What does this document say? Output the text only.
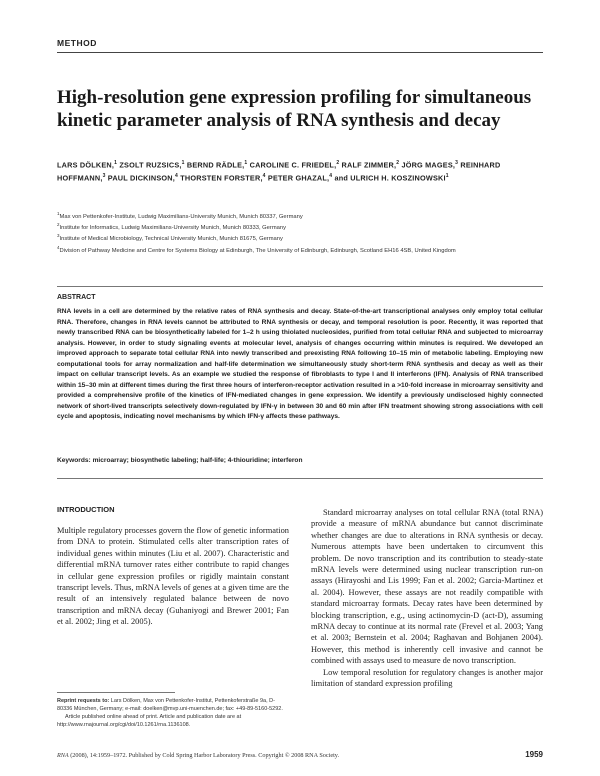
METHOD
High-resolution gene expression profiling for simultaneous kinetic parameter analysis of RNA synthesis and decay
LARS DÖLKEN,$^1$ ZSOLT RUZSICS,$^1$ BERND RÄDLE,$^1$ CAROLINE C. FRIEDEL,$^2$ RALF ZIMMER,$^2$ JÖRG MAGES,$^3$ REINHARD HOFFMANN,$^3$ PAUL DICKINSON,$^4$ THORSTEN FORSTER,$^4$ PETER GHAZAL,$^4$ and ULRICH H. KOSZINOWSKI$^1$
$^1$Max von Pettenkofer-Institute, Ludwig Maximilians-University Munich, Munich 80337, Germany
$^2$Institute for Informatics, Ludwig Maximilians-University Munich, Munich 80333, Germany
$^3$Institute of Medical Microbiology, Technical University Munich, Munich 81675, Germany
$^4$Division of Pathway Medicine and Centre for Systems Biology at Edinburgh, The University of Edinburgh, Edinburgh, Scotland EH16 4SB, United Kingdom
ABSTRACT
RNA levels in a cell are determined by the relative rates of RNA synthesis and decay. State-of-the-art transcriptional analyses only employ total cellular RNA. Therefore, changes in RNA levels cannot be attributed to RNA synthesis or decay, and temporal resolution is poor. Recently, it was reported that newly transcribed RNA can be biosynthetically labeled for 1–2 h using thiolated nucleosides, purified from total cellular RNA and subjected to microarray analysis. However, in order to study signaling events at molecular level, analysis of changes occurring within minutes is required. We developed an improved approach to separate total cellular RNA into newly transcribed and preexisting RNA following 10–15 min of metabolic labeling. Employing new computational tools for array normalization and half-life determination we simultaneously study short-term RNA synthesis and decay as well as their impact on cellular transcript levels. As an example we studied the response of fibroblasts to type I and II interferons (IFN). Analysis of RNA transcribed within 15–30 min at different times during the first three hours of interferon-receptor activation resulted in a >10-fold increase in microarray sensitivity and provided a comprehensive profile of the kinetics of IFN-mediated changes in gene expression. We identify a previously undisclosed highly connected network of short-lived transcripts selectively down-regulated by IFN-γ in between 30 and 60 min after IFN treatment showing strong associations with cell cycle and apoptosis, indicating novel mechanisms by which IFN-γ affects these pathways.
Keywords: microarray; biosynthetic labeling; half-life; 4-thiouridine; interferon
INTRODUCTION

Multiple regulatory processes govern the flow of genetic information from DNA to protein. Stimulated cells alter transcription rates of individual genes within minutes (Liu et al. 2007). Characteristic and differential mRNA turnover rates either contribute to rapid changes in cellular gene expression profiles or rigidly maintain constant transcript levels. Thus, mRNA levels of genes at a given time are the result of an intensively regulated balance between de novo transcription and mRNA decay (Guhaniyogi and Brewer 2001; Fan et al. 2002; Jing et al. 2005).

Standard microarray analyses on total cellular RNA (total RNA) provide a measure of mRNA abundance but cannot discriminate whether changes are due to alterations in RNA synthesis or decay. Numerous attempts have been undertaken to circumvent this problem. De novo transcription and its contribution to steady-state mRNA levels were determined using nuclear transcription run-on assays (Hirayoshi and Lis 1999; Fan et al. 2002; Garcia-Martinez et al. 2004). However, these assays are not readily compatible with standard microarray formats. Decay rates have been determined by blocking transcription, e.g., using actinomycin-D (act-D), assuming mRNA decay to continue at its normal rate (Frevel et al. 2003; Yang et al. 2003; Bernstein et al. 2004; Raghavan and Bohjanen 2004). However, this method is inherently cell invasive and cannot be combined with assays used to measure de novo transcription.

Low temporal resolution for regulatory changes is another major limitation of standard expression profiling

Reprint requests to: Lars Dölken, Max von Pettenkofer-Institut, Pettenkoferstraße 9a, D-80336 München, Germany; e-mail: doelken@mvp.uni-muenchen.de; fax: +49-89-5160-5292.
Article published online ahead of print. Article and publication date are at http://www.rnajournal.org/cgi/doi/10.1261/rna.1136108.
RNA (2008), 14:1959–1972. Published by Cold Spring Harbor Laboratory Press. Copyright © 2008 RNA Society.	1959
